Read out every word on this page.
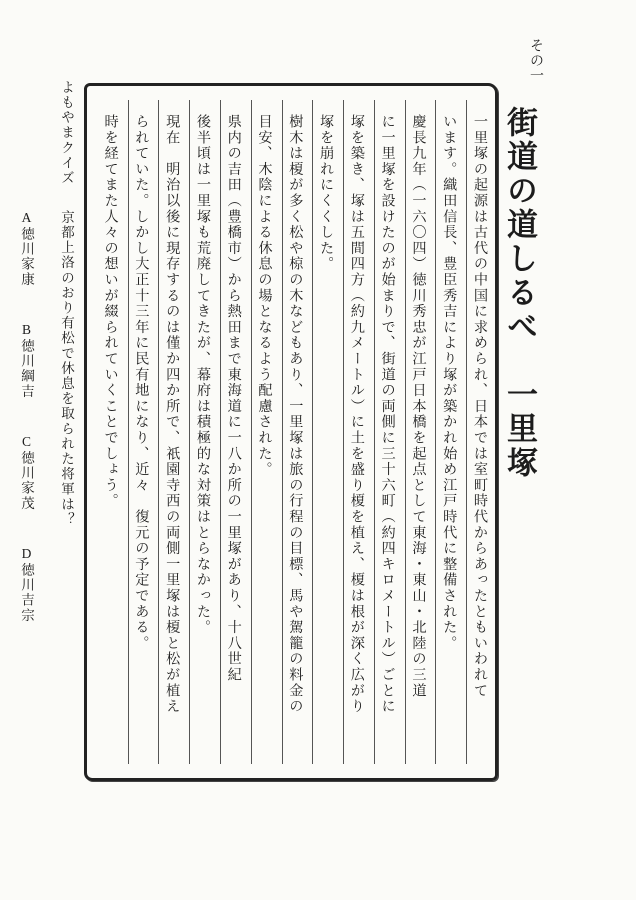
その一
街道の道しるべ　一里塚
一里塚の起源は古代の中国に求められ、日本では室町時代からあったともいわれて
います。織田信長、豊臣秀吉により塚が築かれ始め江戸時代に整備された。
慶長九年（一六〇四）徳川秀忠が江戸日本橋を起点として東海・東山・北陸の三道
に一里塚を設けたのが始まりで、街道の両側に三十六町（約四キロメートル）ごとに
塚を築き、塚は五間四方（約九メートル）に土を盛り榎を植え、榎は根が深く広がり
塚を崩れにくくした。
樹木は榎が多く松や椋の木などもあり、一里塚は旅の行程の目標、馬や駕籠の料金の
目安、木陰による休息の場となるよう配慮された。
県内の吉田（豊橋市）から熱田まで東海道に一八か所の一里塚があり、十八世紀
後半頃は一里塚も荒廃してきたが、幕府は積極的な対策はとらなかった。
現在　明治以後に現存するのは僅か四か所で、祇園寺西の両側一里塚は榎と松が植え
られていた。しかし大正十三年に民有地になり、近々　復元の予定である。
時を経てまた人々の想いが綴られていくことでしょう。
よもやまクイズ
京都上洛のおり有松で休息を取られた将軍は？
A徳川家康
B徳川綱吉
C徳川家茂
D徳川吉宗
